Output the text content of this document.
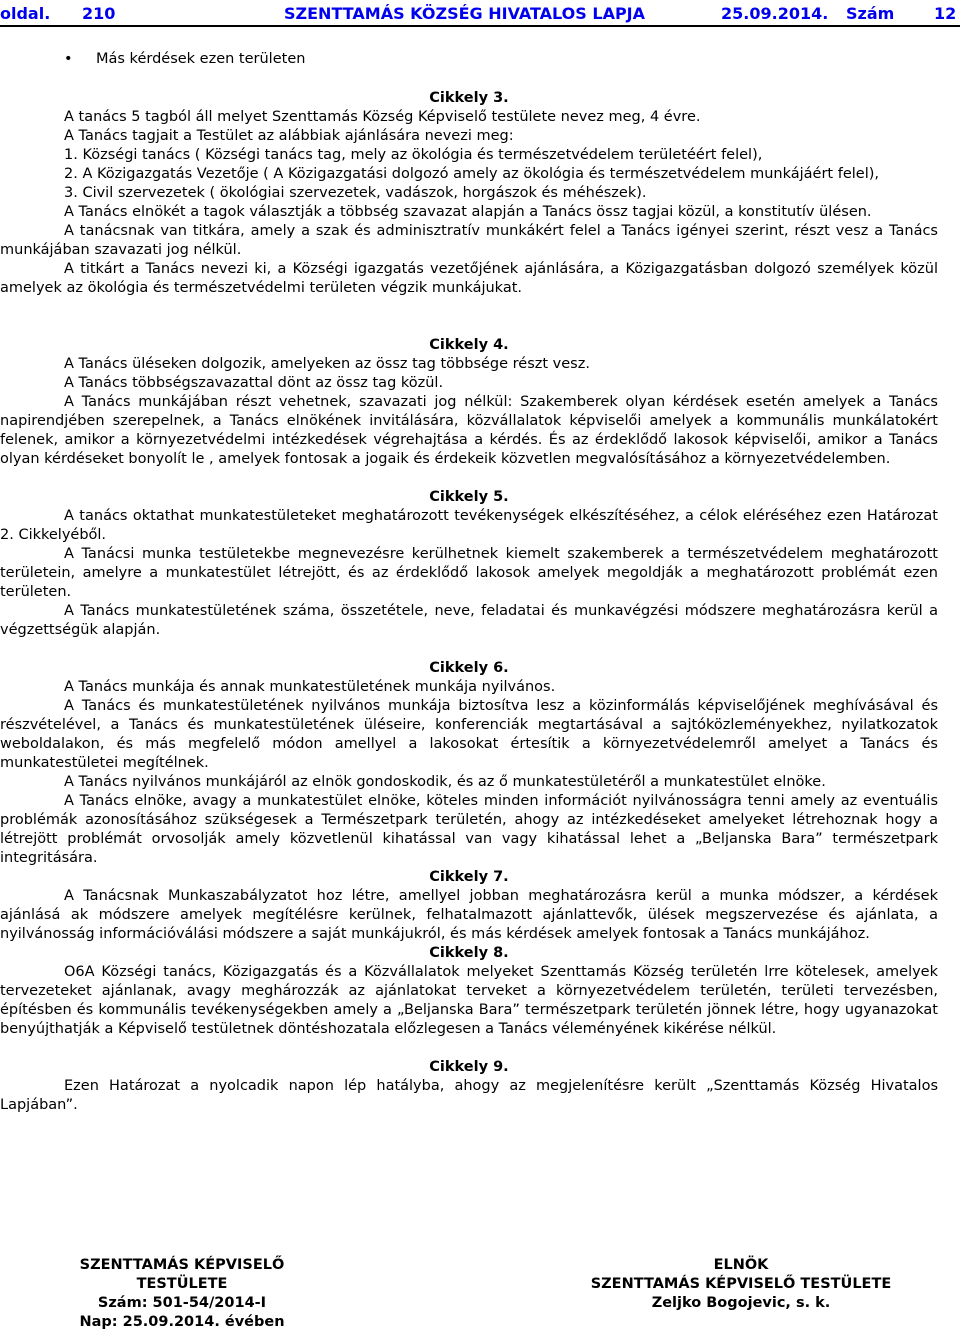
oldal. 210	SZENTTAMÁS KÖZSÉG HIVATALOS LAPJA	25.09.2014. Szám 12
• Más kérdések ezen területen
Cikkely 3.
A tanács 5 tagból áll melyet Szenttamás Község Képviselő testülete nevez meg, 4 évre.
A Tanács tagjait a Testület az alábbiak ajánlására nevezi meg:
1. Községi tanács ( Községi tanács tag, mely az ökológia és természetvédelem területéért felel),
2. A Közigazgatás Vezetője ( A Közigazgatási dolgozó amely az ökológia és természetvédelem munkájáért felel),
3. Civil szervezetek ( ökológiai szervezetek, vadászok, horgászok és méhészek).
A Tanács elnökét a tagok választják a többség szavazat alapján a Tanács össz tagjai közül, a konstitutív ülésen.
A tanácsnak van titkára, amely a szak és adminisztratív munkákért felel a Tanács igényei szerint, részt vesz a Tanács munkájában szavazati jog nélkül.
A titkárt a Tanács nevezi ki, a Községi igazgatás vezetőjének ajánlására, a Közigazgatásban dolgozó személyek közül amelyek az ökológia és természetvédelmi területen végzik munkájukat.
Cikkely 4.
A Tanács üléseken dolgozik, amelyeken az össz tag többsége részt vesz.
A Tanács többségszavazattal dönt az össz tag közül.
A Tanács munkájában részt vehetnek, szavazati jog nélkül: Szakemberek olyan kérdések esetén amelyek a Tanács napirendjében szerepelnek, a Tanács elnökének invitálására, közvállalatok képviselői amelyek a kommunális munkálatokért felenek, amikor a környezetvédelmi intézkedések végrehajtása a kérdés. És az érdeklődő lakosok képviselői, amikor a Tanács olyan kérdéseket bonyolít le , amelyek fontosak a jogaik és érdekeik közvetlen megvalósításához a környezetvédelemben.
Cikkely 5.
A tanács oktathat munkatestületeket meghatározott tevékenységek elkészítéséhez, a célok eléréséhez ezen Határozat 2. Cikkelyéből.
A Tanácsi munka testületekbe megnevezésre kerülhetnek kiemelt szakemberek a természetvédelem meghatározott területein, amelyre a munkatestület létrejött, és az érdeklődő lakosok amelyek megoldják a meghatározott problémát ezen területen.
A Tanács munkatestületének száma, összetétele, neve, feladatai és munkavégzési módszere meghatározásra kerül a végzettségük alapján.
Cikkely 6.
A Tanács munkája és annak munkatestületének munkája nyilvános.
A Tanács és munkatestületének nyilvános munkája biztosítva lesz a közinformálás képviselőjének meghívásával és részvételével, a Tanács és munkatestületének üléseire, konferenciák megtartásával a sajtóközleményekhez, nyilatkozatok weboldalakon, és más megfelelő módon amellyel a lakosokat értesítik a környezetvédelemről amelyet a Tanács és munkatestületei megítélnek.
A Tanács nyilvános munkájáról az elnök gondoskodik, és az ő munkatestületéről a munkatestület elnöke.
A Tanács elnöke, avagy a munkatestület elnöke, köteles minden információt nyilvánosságra tenni amely az eventuális problémák azonosításához szükségesek a Természetpark területén, ahogy az intézkedéseket amelyeket létrehoznak hogy a létrejött problémát orvosolják amely közvetlenül kihatással van vagy kihatással lehet a „Beljanska Bara” természetpark integritására.
Cikkely 7.
A Tanácsnak Munkaszabályzatot hoz létre, amellyel jobban meghatározásra kerül a munka módszer, a kérdések ajánlásá ak módszere amelyek megítélésre kerülnek, felhatalmazott ajánlattevők, ülések megszervezése és ajánlata, a nyilvánosság információválási módszere a saját munkájukról, és más kérdések amelyek fontosak a Tanács munkájához.
Cikkely 8.
O6A Községi tanács, Közigazgatás és a Közvállalatok melyeket Szenttamás Község területén lrre kötelesek, amelyek tervezeteket ajánlanak, avagy meghározzák az ajánlatokat terveket a környezetvédelem területén, területi tervezésben, építésben és kommunális tevékenységekben amely a „Beljanska Bara” természetpark területén jönnek létre, hogy ugyanazokat benyújthatják a Képviselő testületnek döntéshozatala előzlegesen a Tanács véleményének kikérése nélkül.
Cikkely 9.
Ezen Határozat a nyolcadik napon lép hatályba, ahogy az megjelenítésre került „Szenttamás Község Hivatalos Lapjában”.
SZENTTAMÁS KÉPVISELŐ TESTÜLETE
Szám: 501-54/2014-I
Nap: 25.09.2014. évében
ELNÖK
SZENTTAMÁS KÉPVISELŐ TESTÜLETE
Zeljko Bogojevic, s. k.
